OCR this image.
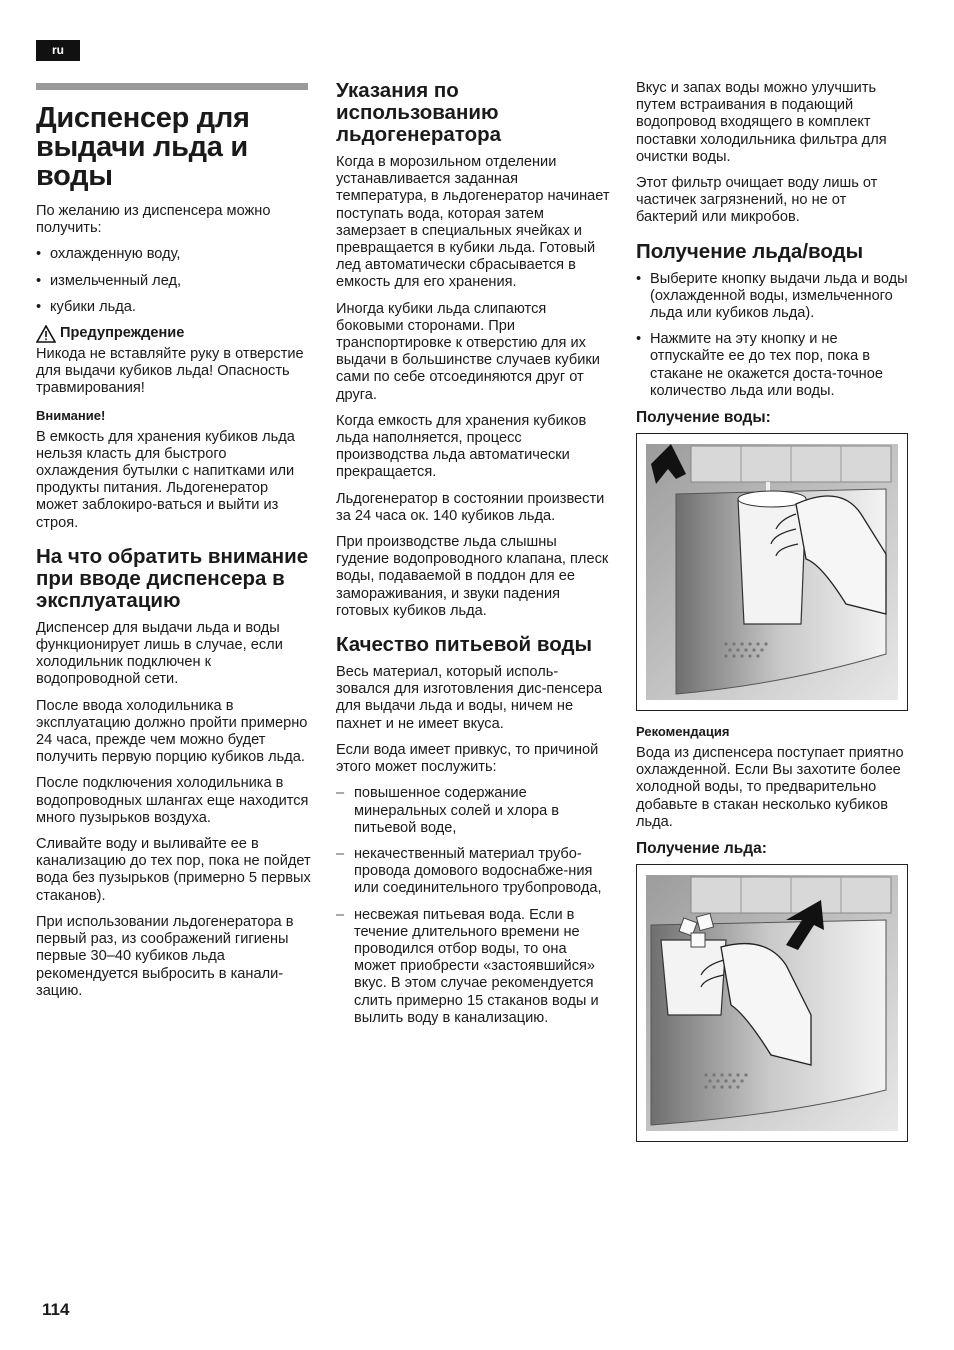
ru
Диспенсер для выдачи льда и воды

По желанию из диспенсера можно получить:

• охлажденную воду,
• измельченный лед,
• кубики льда.
Предупреждение

Никода не вставляйте руку в отверстие для выдачи кубиков льда! Опасность травмирования!

Внимание!

В емкость для хранения кубиков льда нельзя класть для быстрого охлаждения бутылки с напитками или продукты питания. Льдогенератор может заблокиро-ваться и выйти из строя.

На что обратить внимание при вводе диспенсера в эксплуатацию

Диспенсер для выдачи льда и воды функционирует лишь в случае, если холодильник подключен к водопроводной сети.

После ввода холодильника в эксплуатацию должно пройти примерно 24 часа, прежде чем можно будет получить первую порцию кубиков льда.

После подключения холодильника в водопроводных шлангах еще находится много пузырьков воздуха.

Сливайте воду и выливайте ее в канализацию до тех пор, пока не пойдет вода без пузырьков (примерно 5 первых стаканов).

При использовании льдогенератора в первый раз, из соображений гигиены первые 30–40 кубиков льда рекомендуется выбросить в канали-зацию.

Указания по использованию льдогенератора

Когда в морозильном отделении устанавливается заданная температура, в льдогенератор начинает поступать вода, которая затем замерзает в специальных ячейках и превращается в кубики льда. Готовый лед автоматически сбрасывается в емкость для его хранения.

Иногда кубики льда слипаются боковыми сторонами. При транспортировке к отверстию для их выдачи в большинстве случаев кубики сами по себе отсоединяются друг от друга.

Когда емкость для хранения кубиков льда наполняется, процесс производства льда автоматически прекращается.

Льдогенератор в состоянии произвести за 24 часа ок. 140 кубиков льда.

При производстве льда слышны гудение водопроводного клапана, плеск воды, подаваемой в поддон для ее замораживания, и звуки падения готовых кубиков льда.

Качество питьевой воды

Весь материал, который исполь-зовался для изготовления дис-пенсера для выдачи льда и воды, ничем не пахнет и не имеет вкуса.

Если вода имеет привкус, то причиной этого может послужить:

– повышенное содержание минеральных солей и хлора в питьевой воде,
– некачественный материал трубо-провода домового водоснабже-ния или соединительного трубопровода,
– несвежая питьевая вода. Если в течение длительного времени не проводился отбор воды, то она может приобрести «застоявшийся» вкус. В этом случае рекомендуется слить примерно 15 стаканов воды и вылить воду в канализацию.

Вкус и запах воды можно улучшить путем встраивания в подающий водопровод входящего в комплект поставки холодильника фильтра для очистки воды.

Этот фильтр очищает воду лишь от частичек загрязнений, но не от бактерий или микробов.

Получение льда/воды
• Выберите кнопку выдачи льда и воды (охлажденной воды, измельченного льда или кубиков льда).
• Нажмите на эту кнопку и не отпускайте ее до тех пор, пока в стакане не окажется доста-точное количество льда или воды.
Получение воды:
Рекомендация

Вода из диспенсера поступает приятно охлажденной. Если Вы захотите более холодной воды, то предварительно добавьте в стакан несколько кубиков льда.

Получение льда:
114
